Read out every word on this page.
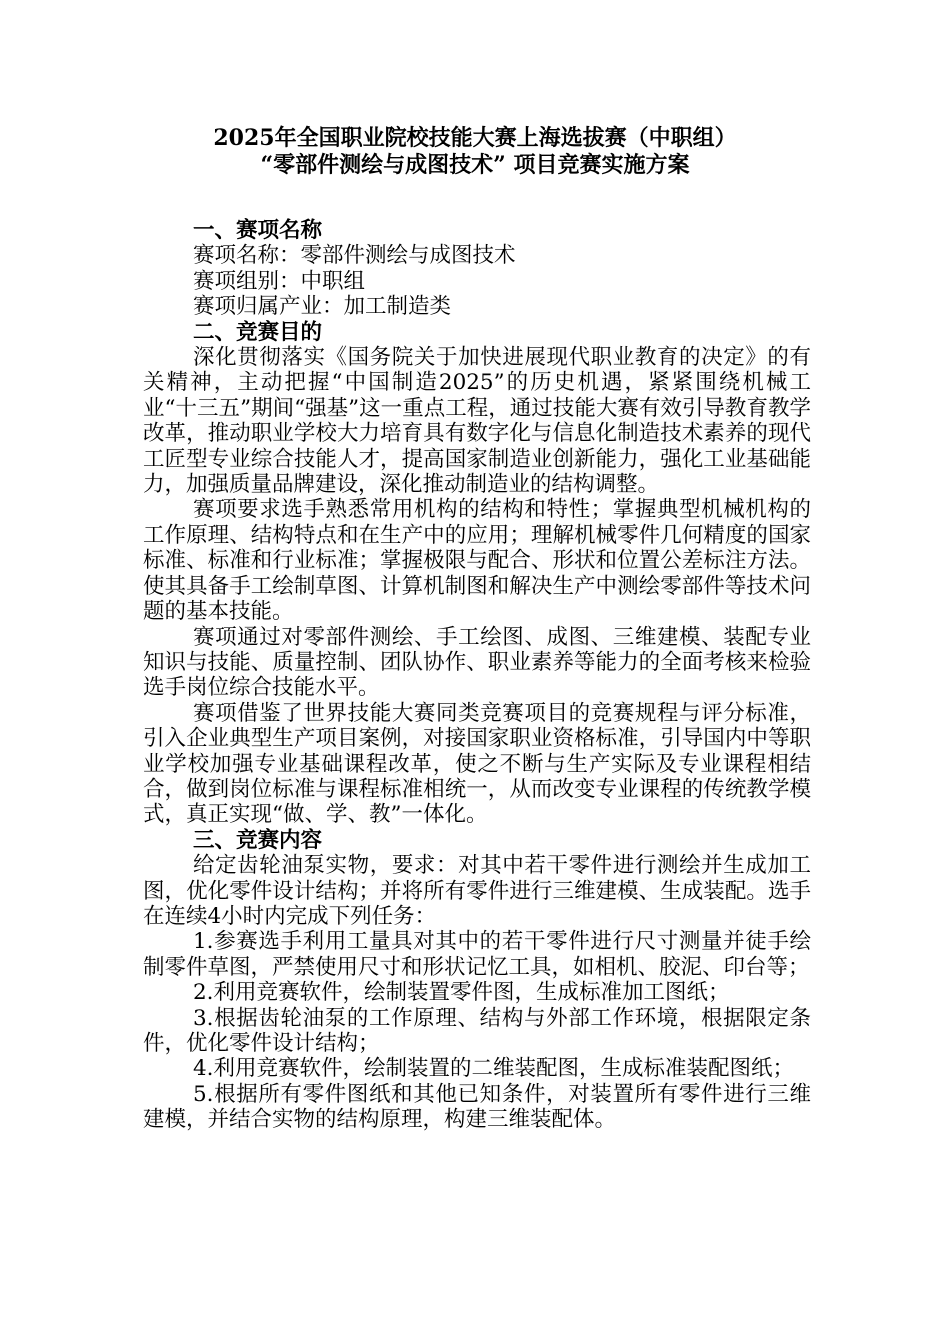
2025年全国职业院校技能大赛上海选拔赛（中职组）
“零部件测绘与成图技术” 项目竞赛实施方案

一、赛项名称

赛项名称：零部件测绘与成图技术

赛项组别：中职组

赛项归属产业：加工制造类

二、竞赛目的

深化贯彻落实《国务院关于加快进展现代职业教育的决定》的有关精神，主动把握“中国制造2025”的历史机遇，紧紧围绕机械工业“十三五”期间“强基”这一重点工程，通过技能大赛有效引导教育教学改革，推动职业学校大力培育具有数字化与信息化制造技术素养的现代工匠型专业综合技能人才，提高国家制造业创新能力，强化工业基础能力，加强质量品牌建设，深化推动制造业的结构调整。

赛项要求选手熟悉常用机构的结构和特性；掌握典型机械机构的工作原理、结构特点和在生产中的应用；理解机械零件几何精度的国家标准、标准和行业标准；掌握极限与配合、形状和位置公差标注方法。使其具备手工绘制草图、计算机制图和解决生产中测绘零部件等技术问题的基本技能。

赛项通过对零部件测绘、手工绘图、成图、三维建模、装配专业知识与技能、质量控制、团队协作、职业素养等能力的全面考核来检验选手岗位综合技能水平。

赛项借鉴了世界技能大赛同类竞赛项目的竞赛规程与评分标准，引入企业典型生产项目案例，对接国家职业资格标准，引导国内中等职业学校加强专业基础课程改革，使之不断与生产实际及专业课程相结合，做到岗位标准与课程标准相统一，从而改变专业课程的传统教学模式，真正实现“做、学、教”一体化。

三、竞赛内容

给定齿轮油泵实物，要求：对其中若干零件进行测绘并生成加工图，优化零件设计结构；并将所有零件进行三维建模、生成装配。选手在连续4小时内完成下列任务：

1.参赛选手利用工量具对其中的若干零件进行尺寸测量并徒手绘制零件草图，严禁使用尺寸和形状记忆工具，如相机、胶泥、印台等；

2.利用竞赛软件，绘制装置零件图，生成标准加工图纸；

3.根据齿轮油泵的工作原理、结构与外部工作环境，根据限定条件，优化零件设计结构；

4.利用竞赛软件，绘制装置的二维装配图，生成标准装配图纸；

5.根据所有零件图纸和其他已知条件，对装置所有零件进行三维建模，并结合实物的结构原理，构建三维装配体。
